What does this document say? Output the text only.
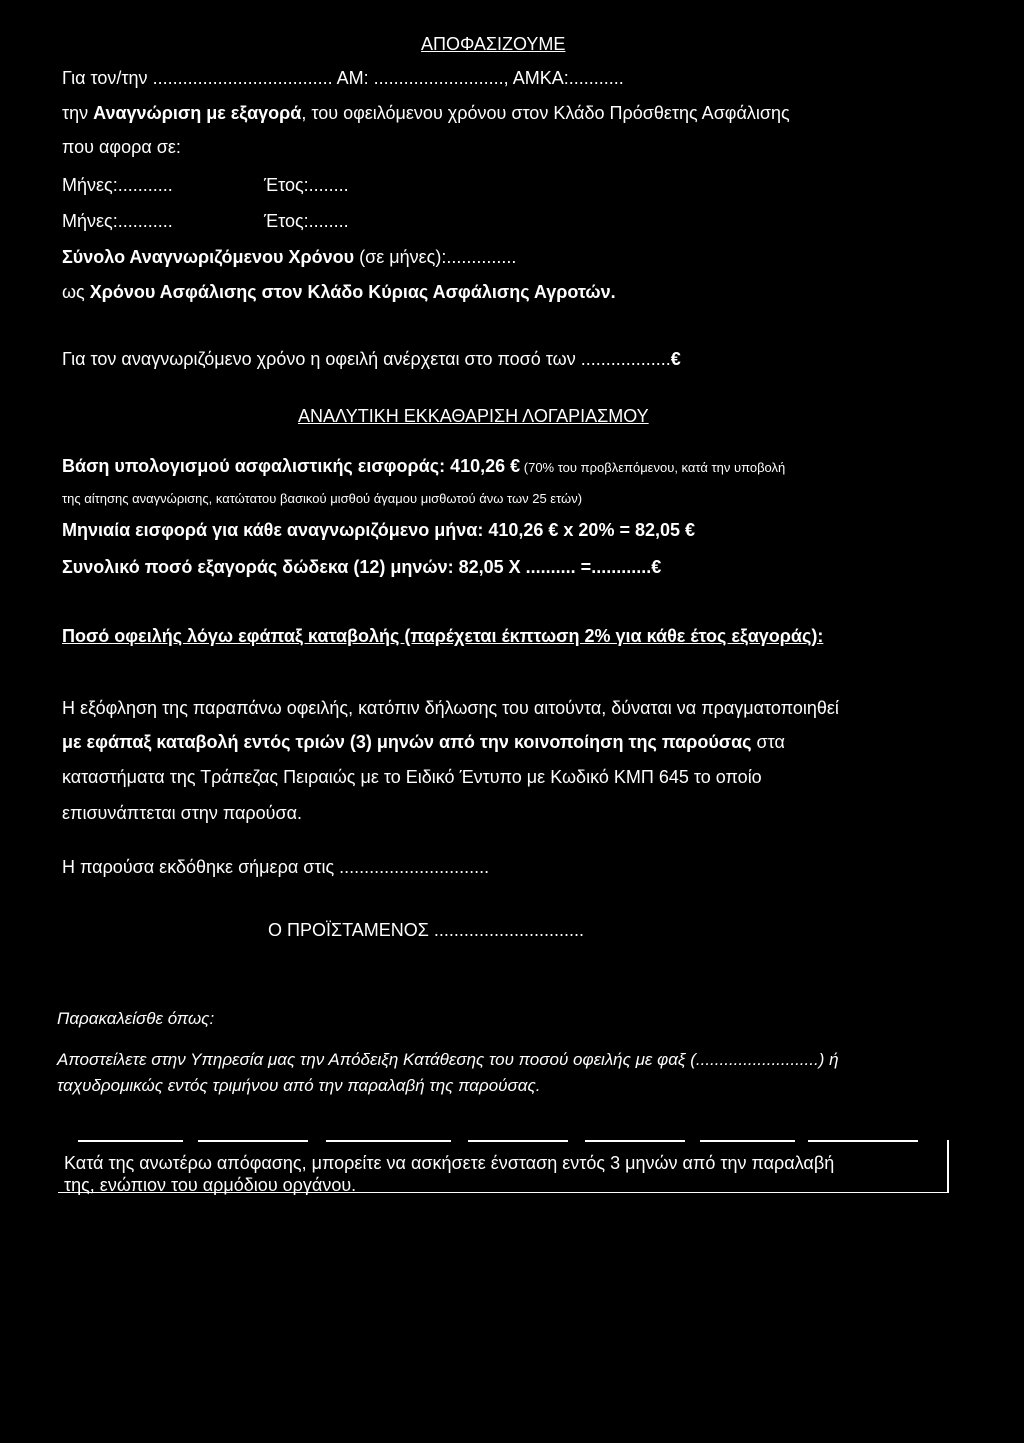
ΑΠΟΦΑΣΙΖΟΥΜΕ
Για τον/την .................................... ΑΜ: .........................., ΑΜΚΑ:...........
την Αναγνώριση με εξαγορά, του οφειλόμενου χρόνου στον Κλάδο Πρόσθετης Ασφάλισης
που αφορα σε:
Μήνες:...........	Έτος:........
Μήνες:...........	Έτος:........
Σύνολο Αναγνωριζόμενου Χρόνου (σε μήνες):..............
ως Χρόνου Ασφάλισης στον Κλάδο Κύριας Ασφάλισης Αγροτών.
Για τον αναγνωριζόμενο χρόνο η οφειλή ανέρχεται στο ποσό των ..................€
ΑΝΑΛΥΤΙΚΗ ΕΚΚΑΘΑΡΙΣΗ ΛΟΓΑΡΙΑΣΜΟΥ
Βάση υπολογισμού ασφαλιστικής εισφοράς: 410,26 € (70% του προβλεπόμενου, κατά την υποβολή
της αίτησης αναγνώρισης, κατώτατου βασικού μισθού άγαμου μισθωτού άνω των 25 ετών)
Μηνιαία εισφορά για κάθε αναγνωριζόμενο μήνα: 410,26 € x 20% = 82,05 €
Συνολικό ποσό εξαγοράς δώδεκα (12) μηνών: 82,05 X .......... =............€
Ποσό οφειλής λόγω εφάπαξ καταβολής (παρέχεται έκπτωση 2% για κάθε έτος εξαγοράς):
Η εξόφληση της παραπάνω οφειλής, κατόπιν δήλωσης του αιτούντα, δύναται να πραγματοποιηθεί
με εφάπαξ καταβολή εντός τριών (3) μηνών από την κοινοποίηση της παρούσας στα
καταστήματα της Τράπεζας Πειραιώς με το Ειδικό Έντυπο με Κωδικό ΚΜΠ 645 το οποίο
επισυνάπτεται στην παρούσα.
Η παρούσα εκδόθηκε σήμερα στις ..............................
Ο ΠΡΟΪΣΤΑΜΕΝΟΣ ..............................
Παρακαλείσθε όπως:
Αποστείλετε στην Υπηρεσία μας την Απόδειξη Κατάθεσης του ποσού οφειλής με φαξ (..........................) ή
ταχυδρομικώς εντός τριμήνου από την παραλαβή της παρούσας.
Κατά της ανωτέρω απόφασης, μπορείτε να ασκήσετε ένσταση εντός 3 μηνών από την παραλαβή
της, ενώπιον του αρμόδιου οργάνου.
